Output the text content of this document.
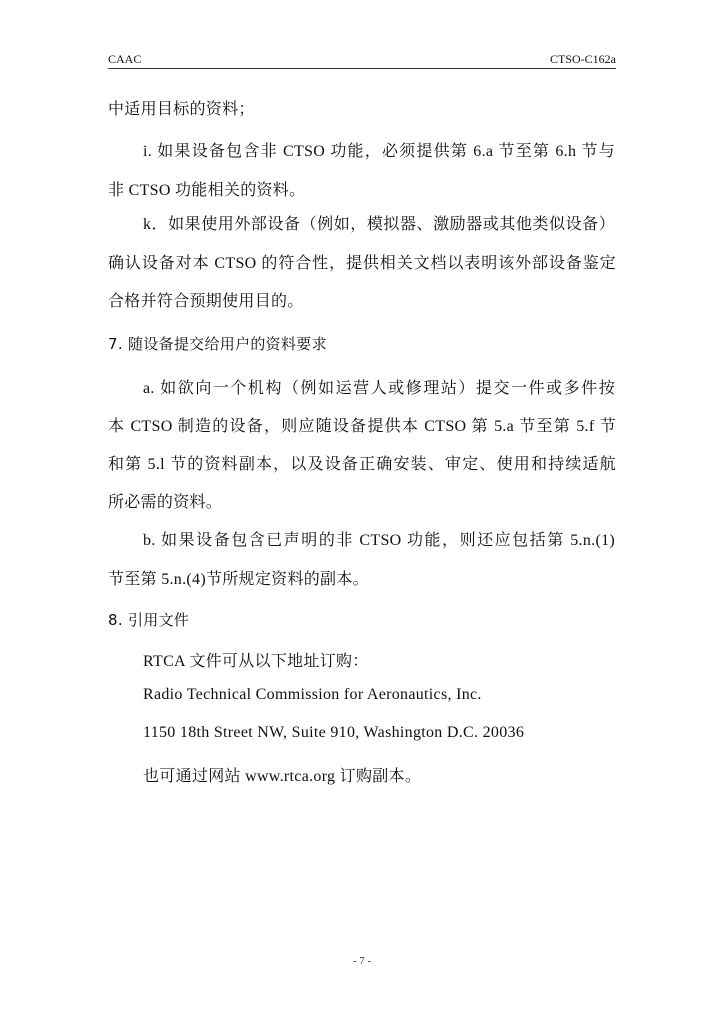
CAAC	CTSO-C162a
中适用目标的资料；
i. 如果设备包含非 CTSO 功能，必须提供第 6.a 节至第 6.h 节与
非 CTSO 功能相关的资料。
k．如果使用外部设备（例如，模拟器、激励器或其他类似设备）
确认设备对本 CTSO 的符合性，提供相关文档以表明该外部设备鉴定
合格并符合预期使用目的。
7. 随设备提交给用户的资料要求
a. 如欲向一个机构（例如运营人或修理站）提交一件或多件按
本 CTSO 制造的设备，则应随设备提供本 CTSO 第 5.a 节至第 5.f 节
和第 5.l 节的资料副本，以及设备正确安装、审定、使用和持续适航
所必需的资料。
b. 如果设备包含已声明的非 CTSO 功能，则还应包括第 5.n.(1)
节至第 5.n.(4)节所规定资料的副本。
8. 引用文件
RTCA 文件可从以下地址订购：
Radio Technical Commission for Aeronautics, Inc.
1150 18th Street NW, Suite 910, Washington D.C. 20036
也可通过网站 www.rtca.org 订购副本。
- 7 -
